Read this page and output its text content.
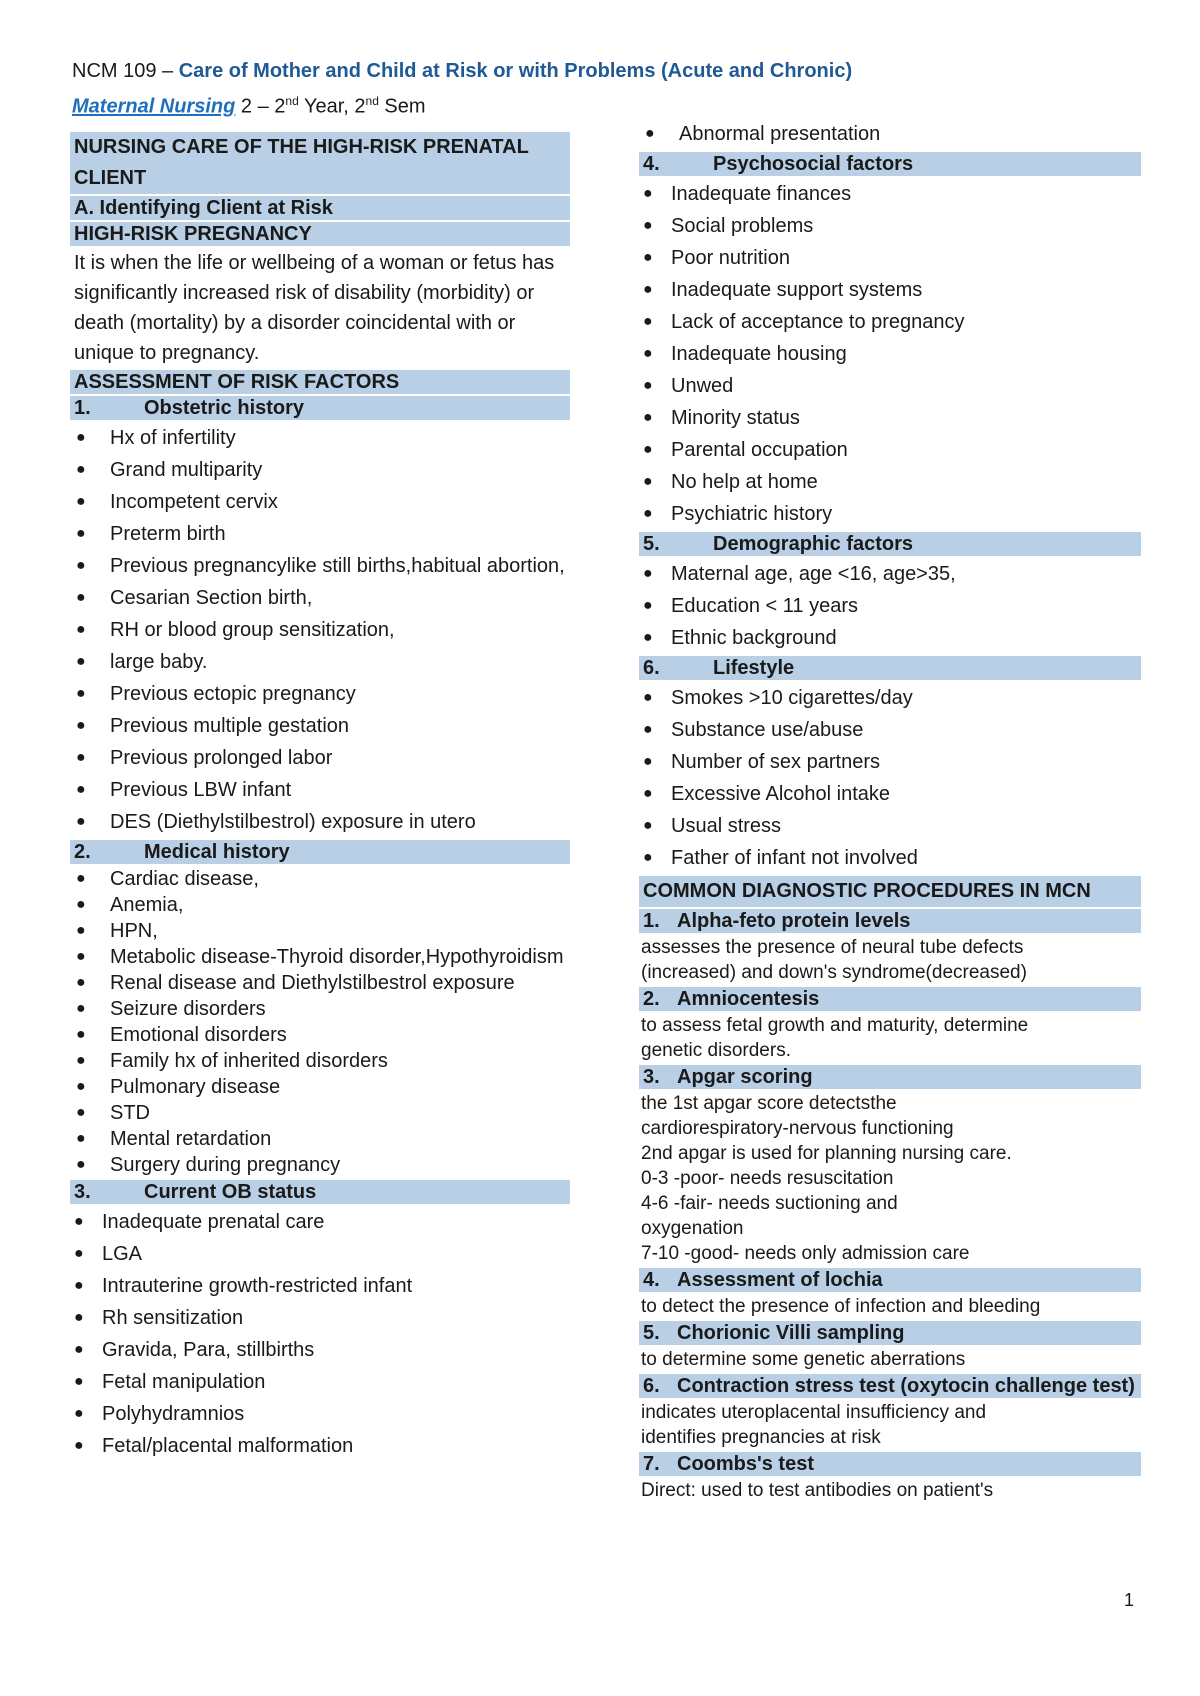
NCM 109 – Care of Mother and Child at Risk or with Problems (Acute and Chronic)
Maternal Nursing 2 – 2nd Year, 2nd Sem
NURSING CARE OF THE HIGH-RISK PRENATAL CLIENT
A. Identifying Client at Risk
HIGH-RISK PREGNANCY
It is when the life or wellbeing of a woman or fetus has significantly increased risk of disability (morbidity) or death (mortality) by a disorder coincidental with or unique to pregnancy.
ASSESSMENT OF RISK FACTORS
1.	Obstetric history
● Hx of infertility
● Grand multiparity
● Incompetent cervix
● Preterm birth
● Previous pregnancylike still births,habitual abortion,
● Cesarian Section birth,
● RH or blood group sensitization,
● large baby.
● Previous ectopic pregnancy
● Previous multiple gestation
● Previous prolonged labor
● Previous LBW infant
● DES (Diethylstilbestrol) exposure in utero
2.	Medical history
● Cardiac disease,
● Anemia,
● HPN,
● Metabolic disease-Thyroid disorder,Hypothyroidism
● Renal disease and Diethylstilbestrol exposure
● Seizure disorders
● Emotional disorders
● Family hx of inherited disorders
● Pulmonary disease
● STD
● Mental retardation
● Surgery during pregnancy
3.	Current OB status
● Inadequate prenatal care
● LGA
● Intrauterine growth-restricted infant
● Rh sensitization
● Gravida, Para, stillbirths
● Fetal manipulation
● Polyhydramnios
● Fetal/placental malformation
● Abnormal presentation
4.	Psychosocial factors
● Inadequate finances
● Social problems
● Poor nutrition
● Inadequate support systems
● Lack of acceptance to pregnancy
● Inadequate housing
● Unwed
● Minority status
● Parental occupation
● No help at home
● Psychiatric history
5.	Demographic factors
● Maternal age, age <16, age>35,
● Education < 11 years
● Ethnic background
6.	Lifestyle
● Smokes >10 cigarettes/day
● Substance use/abuse
● Number of sex partners
● Excessive Alcohol intake
● Usual stress
● Father of infant not involved
COMMON DIAGNOSTIC PROCEDURES IN MCN
1. Alpha-feto protein levels
assesses the presence of neural tube defects
(increased) and down's syndrome(decreased)
2. Amniocentesis
to assess fetal growth and maturity, determine
genetic disorders.
3. Apgar scoring
the 1st apgar score detectsthe
cardiorespiratory-nervous functioning
2nd apgar is used for planning nursing care.
0-3 -poor- needs resuscitation
4-6 -fair- needs suctioning and
oxygenation
7-10 -good- needs only admission care
4. Assessment of lochia
to detect the presence of infection and bleeding
5. Chorionic Villi sampling
to determine some genetic aberrations
6. Contraction stress test (oxytocin challenge test)
indicates uteroplacental insufficiency and
identifies pregnancies at risk
7. Coombs's test
Direct: used to test antibodies on patient's
1
